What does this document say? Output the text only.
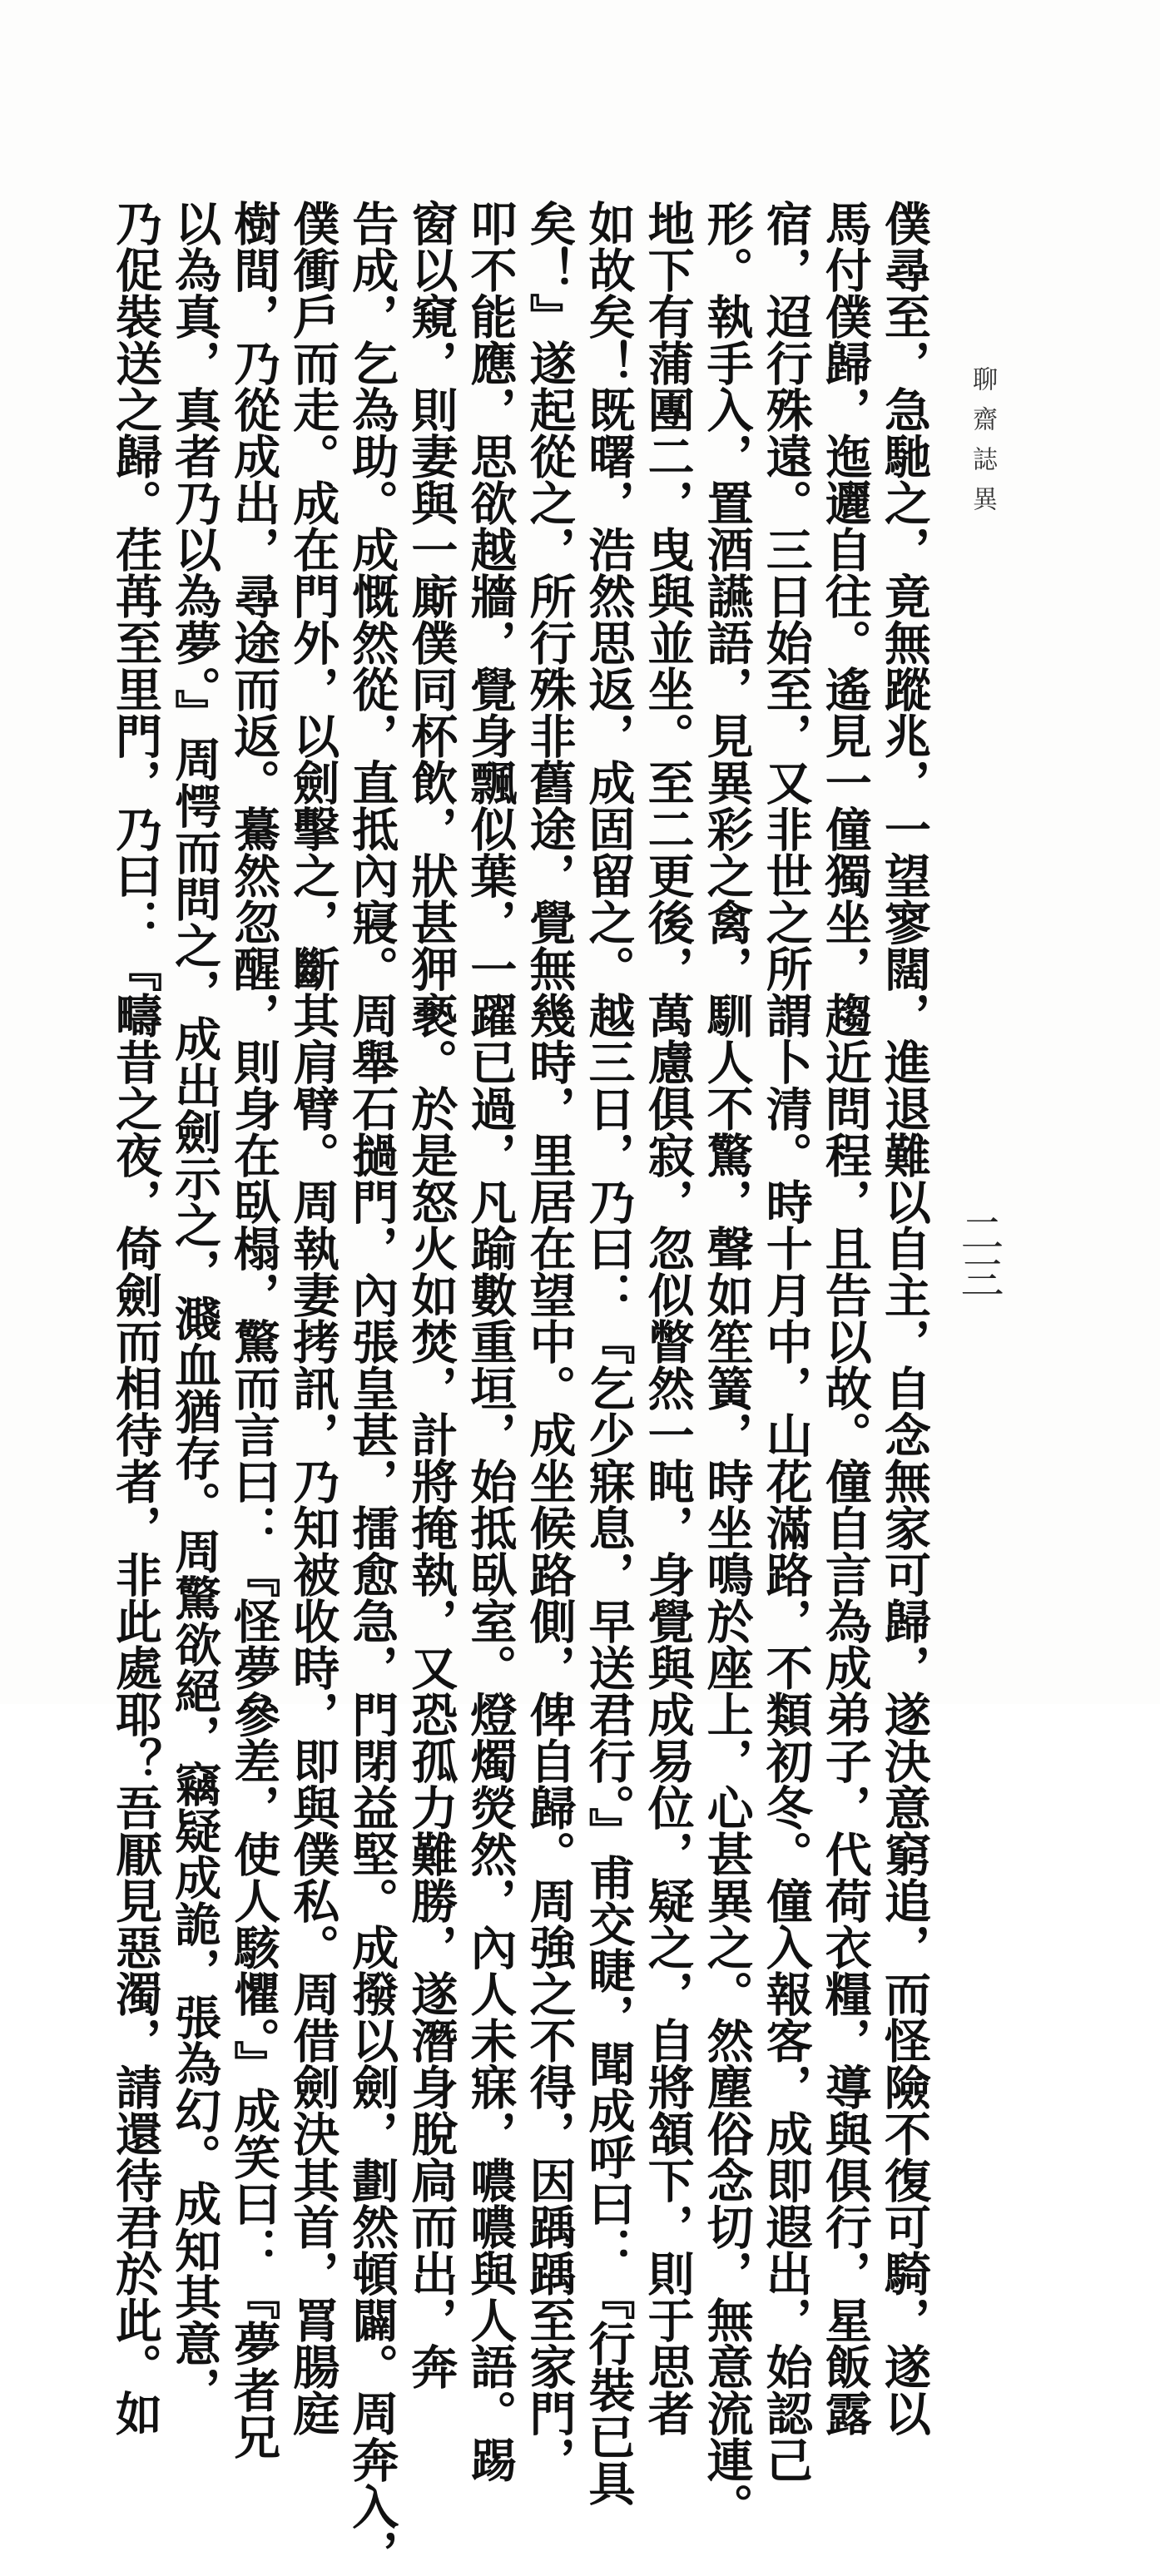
聊齋誌異
二三
僕尋至，急馳之，竟無蹤兆，一望寥闊，進退難以自主，自念無家可歸，遂決意窮追，而怪險不復可騎，遂以
馬付僕歸，迤邐自往。遙見一僮獨坐，趨近問程，且告以故。僮自言為成弟子，代荷衣糧，導與俱行，星飯露
宿，迢行殊遠。三日始至，又非世之所謂卜清。時十月中，山花滿路，不類初冬。僮入報客，成即遐出，始認己
形。執手入，置酒讌語，見異彩之禽，馴人不驚，聲如笙簧，時坐鳴於座上，心甚異之。然塵俗念切，無意流連。
地下有蒲團二，曳與並坐。至二更後，萬慮俱寂，忽似瞥然一盹，身覺與成易位，疑之，自將頷下，則于思者
如故矣！既曙，浩然思返，成固留之。越三日，乃曰：『乞少寐息，早送君行。』甫交睫，聞成呼曰：『行裝已具
矣！』遂起從之，所行殊非舊途，覺無幾時，里居在望中。成坐候路側，俾自歸。周強之不得，因踽踽至家門，
叩不能應，思欲越牆，覺身飄似葉，一躍已過，凡踰數重垣，始抵臥室。燈燭熒然，內人未寐，噥噥與人語。踢
窗以窺，則妻與一廝僕同杯飲，狀甚狎褻。於是怒火如焚，計將掩執，又恐孤力難勝，遂潛身脫扃而出，奔
告成，乞為助。成慨然從，直抵內寢。周舉石撾門，內張皇甚，擂愈急，門閉益堅。成撥以劍，劃然頓闢。周奔入，
僕衝戶而走。成在門外，以劍擊之，斷其肩臂。周執妻拷訊，乃知被收時，即與僕私。周借劍決其首，罥腸庭
樹間，乃從成出，尋途而返。驀然忽醒，則身在臥榻，驚而言曰：『怪夢參差，使人駭懼。』成笑曰：『夢者兄
以為真，真者乃以為夢。』周愕而問之，成出劍示之，濺血猶存。周驚欲絕，竊疑成詭，張為幻。成知其意，
乃促裝送之歸。荏苒至里門，乃曰：『疇昔之夜，倚劍而相待者，非此處耶？吾厭見惡濁，請還待君於此。如
